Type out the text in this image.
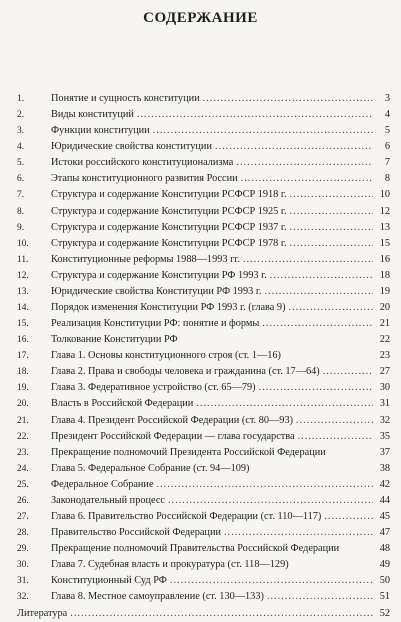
СОДЕРЖАНИЕ
1.	Понятие и сущность конституции .....	3
2.	Виды конституций .....	4
3.	Функции конституции .....	5
4.	Юридические свойства конституции .....	6
5.	Истоки российского конституционализма .....	7
6.	Этапы конституционного развития России .....	8
7.	Структура и содержание Конституции РСФСР 1918 г. .....	10
8.	Структура и содержание Конституции РСФСР 1925 г. .....	12
9.	Структура и содержание Конституции РСФСР 1937 г. .....	13
10.	Структура и содержание Конституции РСФСР 1978 г. .....	15
11.	Конституционные реформы 1988—1993 гг. .....	16
12.	Структура и содержание Конституции РФ 1993 г. .....	18
13.	Юридические свойства Конституции РФ 1993 г. .....	19
14.	Порядок изменения Конституции РФ 1993 г. (глава 9) .....	20
15.	Реализация Конституции РФ: понятие и формы .....	21
16.	Толкование Конституции РФ	22
17.	Глава 1. Основы конституционного строя (ст. 1—16)	23
18.	Глава 2. Права и свободы человека и гражданина (ст. 17—64) .....	27
19.	Глава 3. Федеративное устройство (ст. 65—79) .....	30
20.	Власть в Российской Федерации .....	31
21.	Глава 4. Президент Российской Федерации (ст. 80—93) .....	32
22.	Президент Российской Федерации — глава государства .....	35
23.	Прекращение полномочий Президента Российской Федерации	37
24.	Глава 5. Федеральное Собрание (ст. 94—109)	38
25.	Федеральное Собрание .....	42
26.	Законодательный процесс .....	44
27.	Глава 6. Правительство Российской Федерации (ст. 110—117) .....	45
28.	Правительство Российской Федерации .....	47
29.	Прекращение полномочий Правительства Российской Федерации	48
30.	Глава 7. Судебная власть и прокуратура (ст. 118—129)	49
31.	Конституционный Суд РФ .....	50
32.	Глава 8. Местное самоуправление (ст. 130—133) .....	51
Литература .....	52
